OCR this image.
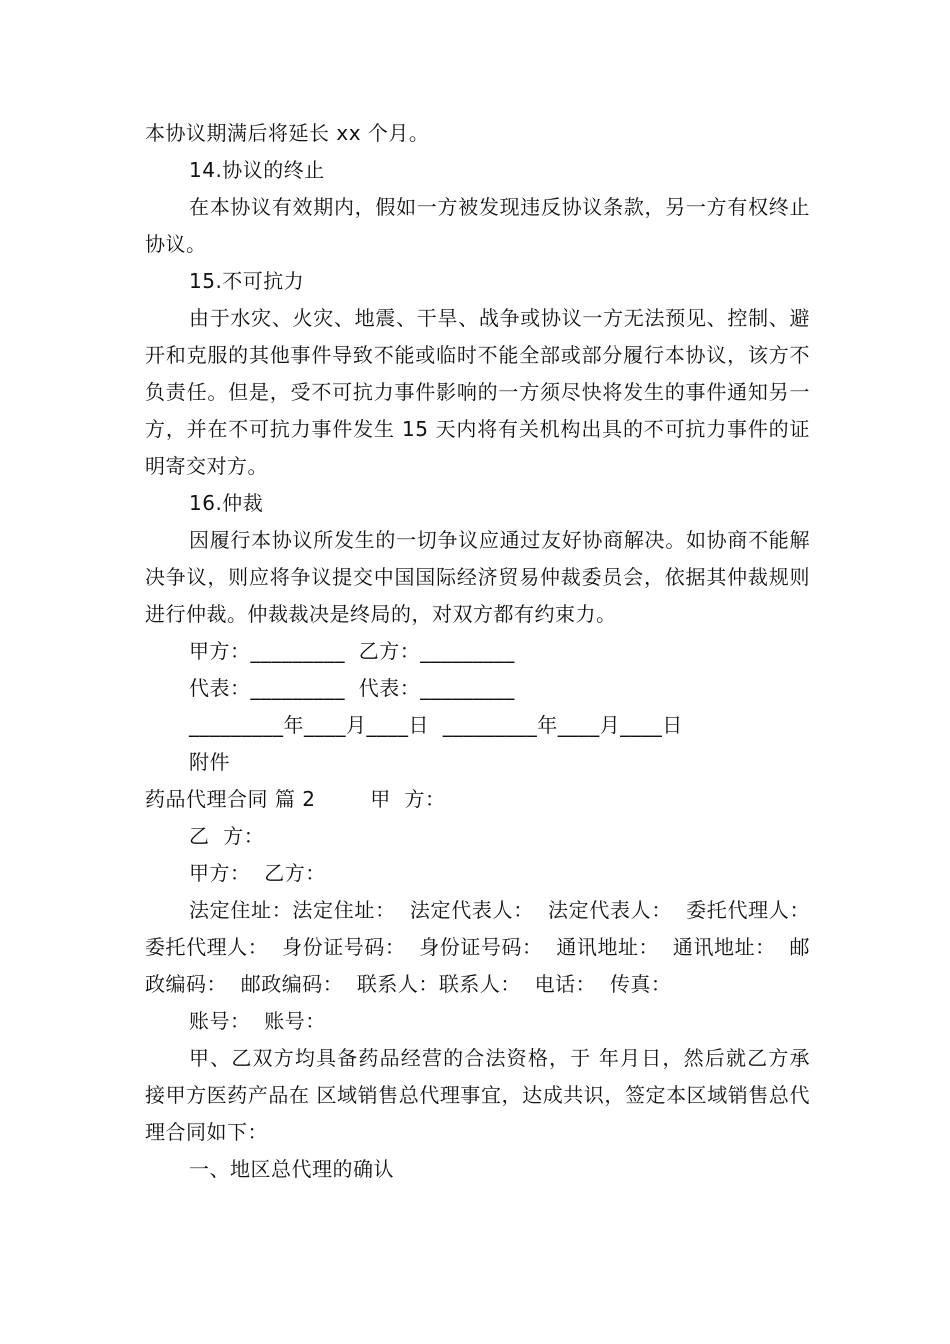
本协议期满后将延长 xx 个月。

14.协议的终止

在本协议有效期内，假如一方被发现违反协议条款，另一方有权终止协议。

15.不可抗力

由于水灾、火灾、地震、干旱、战争或协议一方无法预见、控制、避开和克服的其他事件导致不能或临时不能全部或部分履行本协议，该方不负责任。但是，受不可抗力事件影响的一方须尽快将发生的事件通知另一方，并在不可抗力事件发生 15 天内将有关机构出具的不可抗力事件的证明寄交对方。

16.仲裁

因履行本协议所发生的一切争议应通过友好协商解决。如协商不能解决争议，则应将争议提交中国国际经济贸易仲裁委员会，依据其仲裁规则进行仲裁。仲裁裁决是终局的，对双方都有约束力。

甲方：_________  乙方：_________

代表：_________  代表：_________

_________年____月____日  _________年____月____日

附件

药品代理合同 篇 2        甲  方：

乙  方：

甲方：  乙方：

法定住址：法定住址：  法定代表人：  法定代表人：  委托代理人：  委托代理人：  身份证号码：  身份证号码：  通讯地址：  通讯地址：  邮政编码：  邮政编码：  联系人：联系人：  电话：  传真：

账号：  账号：

甲、乙双方均具备药品经营的合法资格，于 年月日，然后就乙方承接甲方医药产品在 区域销售总代理事宜，达成共识，签定本区域销售总代理合同如下：

一、地区总代理的确认
